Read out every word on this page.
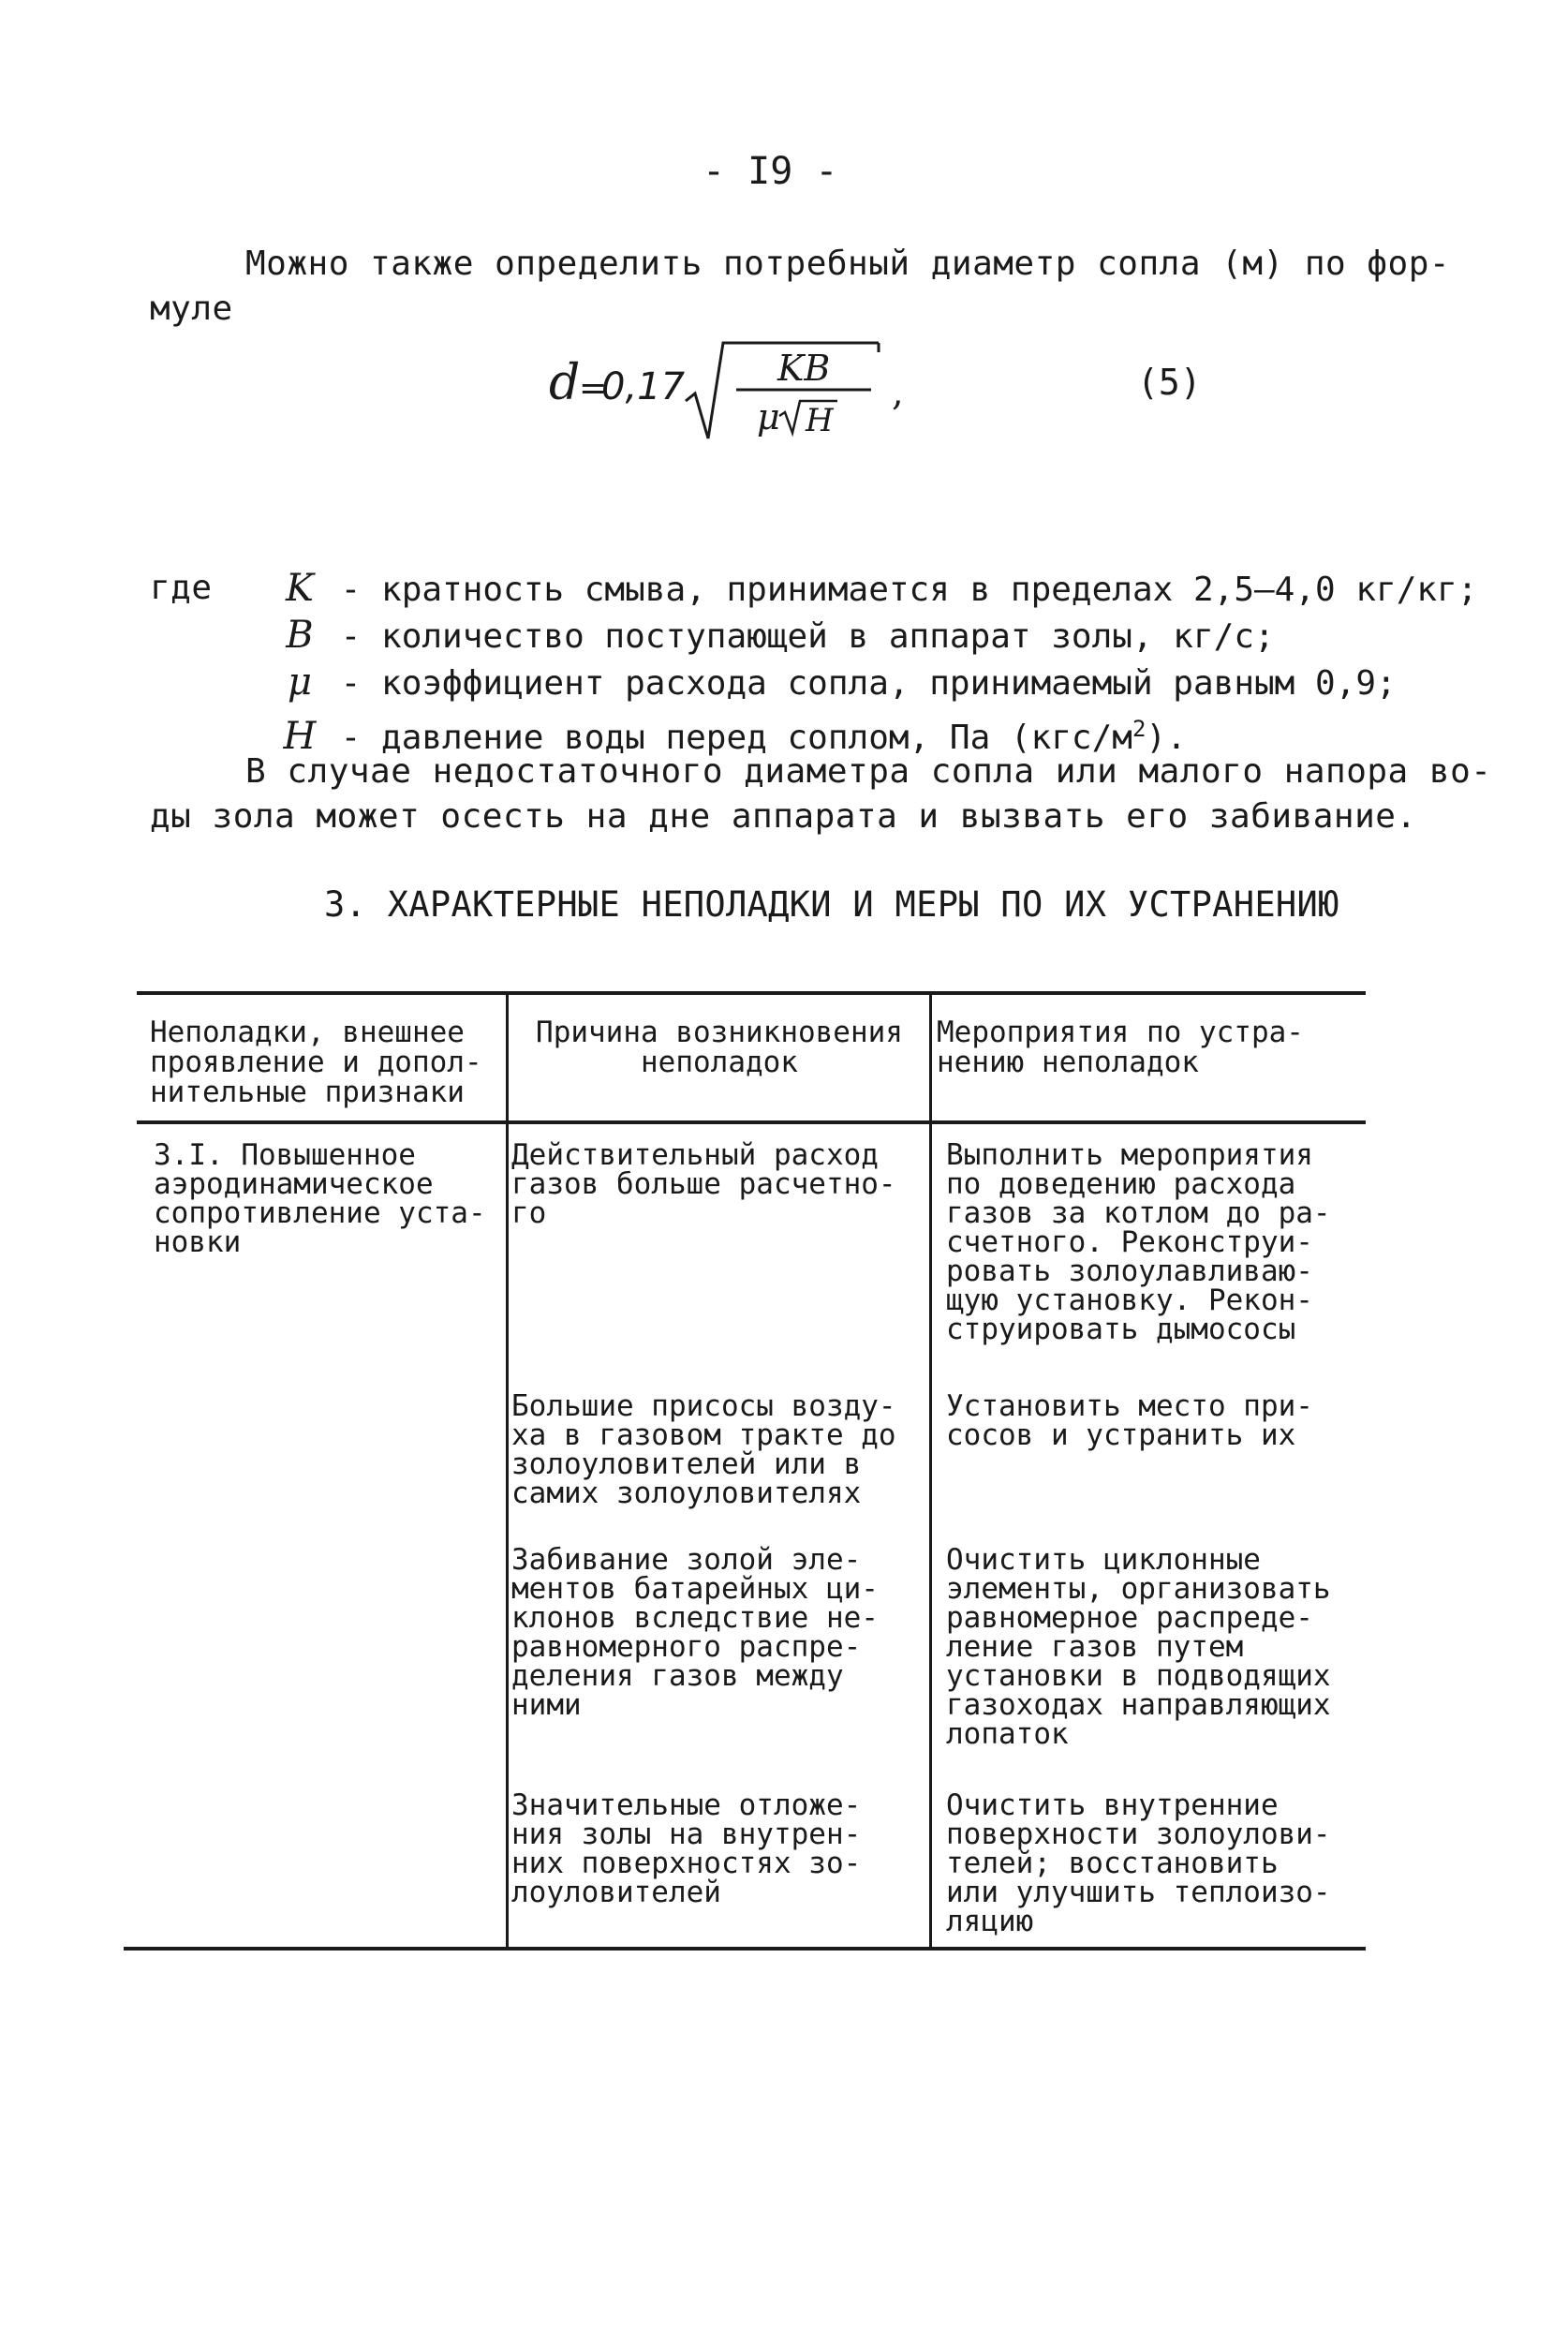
- I9 -
Можно также определить потребный диаметр сопла (м) по фор-
муле
d
=
0,17	KB
μ H
,	(5)
где K - кратность смыва, принимается в пределах 2,5–4,0 кг/кг;
B - количество поступающей в аппарат золы, кг/с;
μ - коэффициент расхода сопла, принимаемый равным 0,9;
H - давление воды перед соплом, Па $(кгс/м^2)$.
В случае недостаточного диаметра сопла или малого напора во-
ды зола может осесть на дне аппарата и вызвать его забивание.
3. ХАРАКТЕРНЫЕ НЕПОЛАДКИ И МЕРЫ ПО ИХ УСТРАНЕНИЮ
Неполадки, внешнее
проявление и допол-
нительные признаки
Причина возникновения
неполадок
Мероприятия по устра-
нению неполадок
3.I. Повышенное
аэродинамическое
сопротивление уста-
новки
Действительный расход
газов больше расчетно-
го
Большие присосы возду-
ха в газовом тракте до
золоуловителей или в
самих золоуловителях
Забивание золой эле-
ментов батарейных ци-
клонов вследствие не-
равномерного распре-
деления газов между
ними
Значительные отложе-
ния золы на внутрен-
них поверхностях зо-
лоуловителей
Выполнить мероприятия
по доведению расхода
газов за котлом до ра-
счетного. Реконструи-
ровать золоулавливаю-
щую установку. Рекон-
струировать дымососы
Установить место при-
сосов и устранить их
Очистить циклонные
элементы, организовать
равномерное распреде-
ление газов путем
установки в подводящих
газоходах направляющих
лопаток
Очистить внутренние
поверхности золоулови-
телей; восстановить
или улучшить теплоизо-
ляцию
